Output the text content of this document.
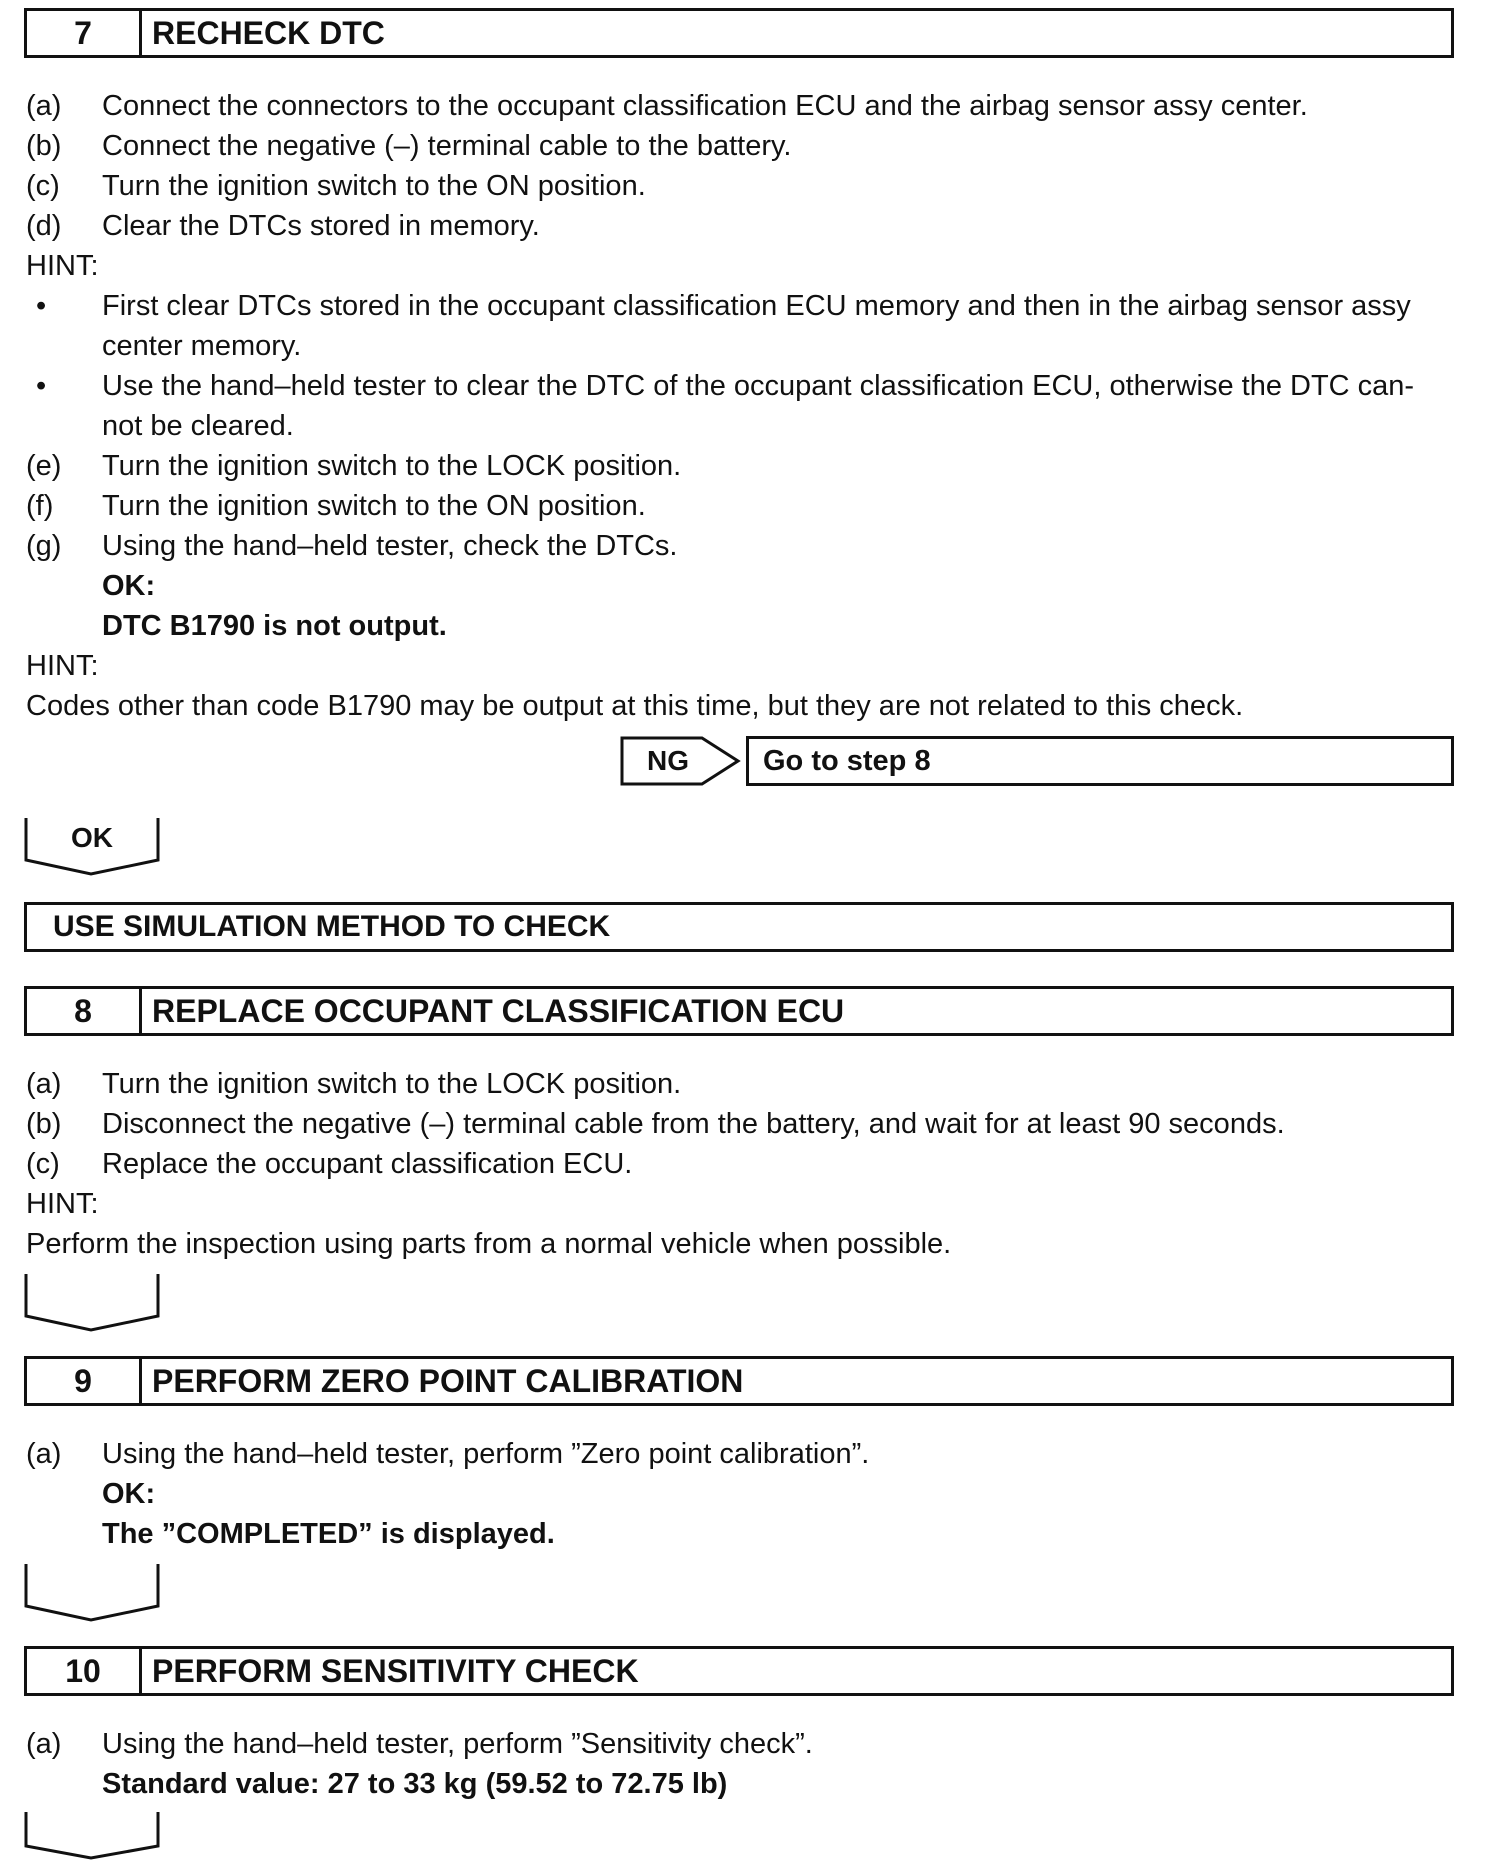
7	RECHECK DTC
(a) Connect the connectors to the occupant classification ECU and the airbag sensor assy center.
(b) Connect the negative (–) terminal cable to the battery.
(c) Turn the ignition switch to the ON position.
(d) Clear the DTCs stored in memory.
HINT:
• First clear DTCs stored in the occupant classification ECU memory and then in the airbag sensor assy
center memory.
• Use the hand–held tester to clear the DTC of the occupant classification ECU, otherwise the DTC can-
not be cleared.
(e) Turn the ignition switch to the LOCK position.
(f) Turn the ignition switch to the ON position.
(g) Using the hand–held tester, check the DTCs.
OK:
DTC B1790 is not output.
HINT:
Codes other than code B1790 may be output at this time, but they are not related to this check.
NG	Go to step 8
OK
USE SIMULATION METHOD TO CHECK
8	REPLACE OCCUPANT CLASSIFICATION ECU
(a) Turn the ignition switch to the LOCK position.
(b) Disconnect the negative (–) terminal cable from the battery, and wait for at least 90 seconds.
(c) Replace the occupant classification ECU.
HINT:
Perform the inspection using parts from a normal vehicle when possible.
9	PERFORM ZERO POINT CALIBRATION
(a) Using the hand–held tester, perform ”Zero point calibration”.
OK:
The ”COMPLETED” is displayed.
10	PERFORM SENSITIVITY CHECK
(a) Using the hand–held tester, perform ”Sensitivity check”.
Standard value: 27 to 33 kg (59.52 to 72.75 lb)
